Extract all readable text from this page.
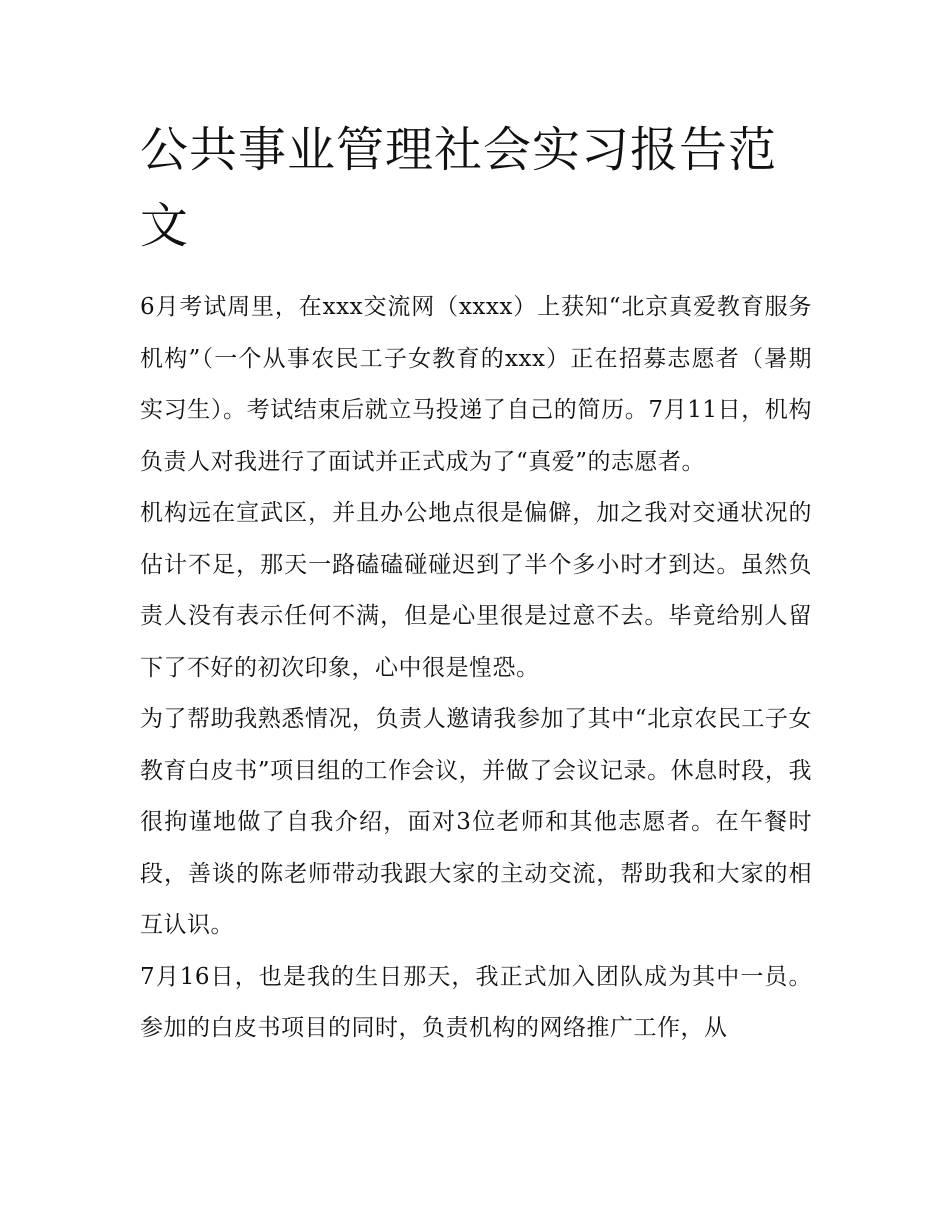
公共事业管理社会实习报告范文

6月考试周里，在xxx交流网（xxxx）上获知“北京真爱教育服务机构”（一个从事农民工子女教育的xxx）正在招募志愿者（暑期实习生）。考试结束后就立马投递了自己的简历。7月11日，机构负责人对我进行了面试并正式成为了“真爱”的志愿者。

机构远在宣武区，并且办公地点很是偏僻，加之我对交通状况的估计不足，那天一路磕磕碰碰迟到了半个多小时才到达。虽然负责人没有表示任何不满，但是心里很是过意不去。毕竟给别人留下了不好的初次印象，心中很是惶恐。

为了帮助我熟悉情况，负责人邀请我参加了其中“北京农民工子女教育白皮书”项目组的工作会议，并做了会议记录。休息时段，我很拘谨地做了自我介绍，面对3位老师和其他志愿者。在午餐时段，善谈的陈老师带动我跟大家的主动交流，帮助我和大家的相互认识。

7月16日，也是我的生日那天，我正式加入团队成为其中一员。参加的白皮书项目的同时，负责机构的网络推广工作，从
